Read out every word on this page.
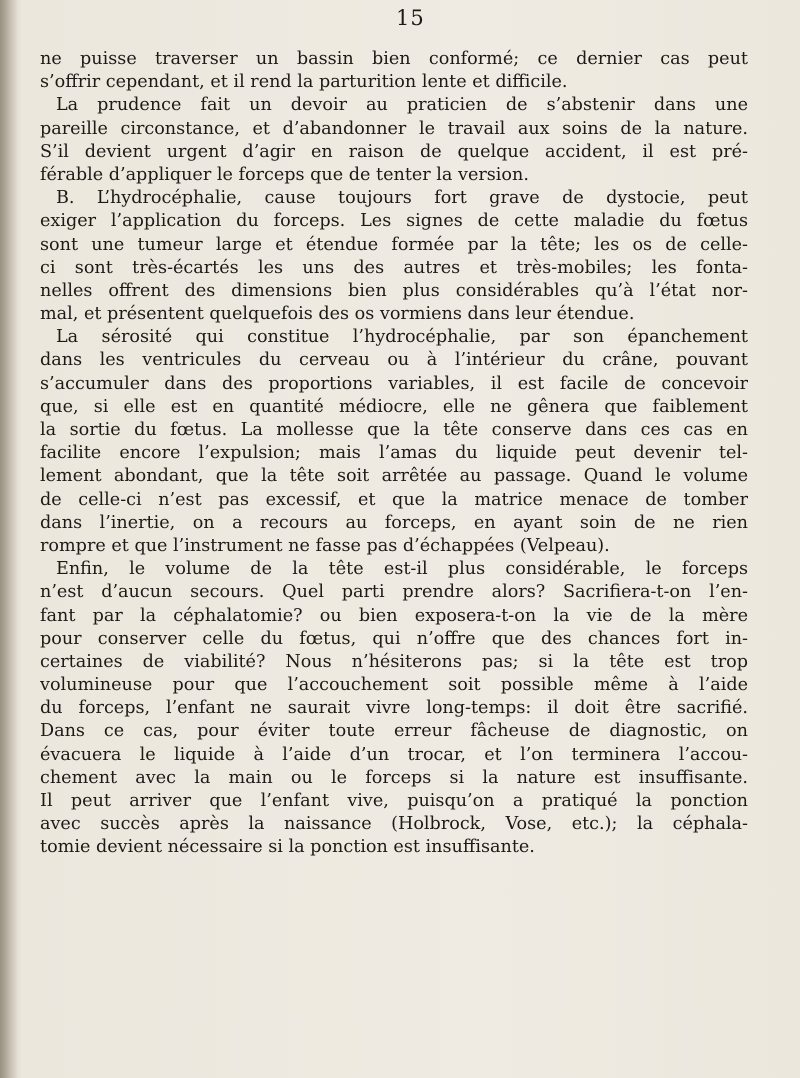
15
ne puisse traverser un bassin bien conformé; ce dernier cas peut
s’offrir cependant, et il rend la parturition lente et difficile.
La prudence fait un devoir au praticien de s’abstenir dans une
pareille circonstance, et d’abandonner le travail aux soins de la nature.
S’il devient urgent d’agir en raison de quelque accident, il est pré-
férable d’appliquer le forceps que de tenter la version.
B. L’hydrocéphalie, cause toujours fort grave de dystocie, peut
exiger l’application du forceps. Les signes de cette maladie du fœtus
sont une tumeur large et étendue formée par la tête; les os de celle-
ci sont très-écartés les uns des autres et très-mobiles; les fonta-
nelles offrent des dimensions bien plus considérables qu’à l’état nor-
mal, et présentent quelquefois des os vormiens dans leur étendue.
La sérosité qui constitue l’hydrocéphalie, par son épanchement
dans les ventricules du cerveau ou à l’intérieur du crâne, pouvant
s’accumuler dans des proportions variables, il est facile de concevoir
que, si elle est en quantité médiocre, elle ne gênera que faiblement
la sortie du fœtus. La mollesse que la tête conserve dans ces cas en
facilite encore l’expulsion; mais l’amas du liquide peut devenir tel-
lement abondant, que la tête soit arrêtée au passage. Quand le volume
de celle-ci n’est pas excessif, et que la matrice menace de tomber
dans l’inertie, on a recours au forceps, en ayant soin de ne rien
rompre et que l’instrument ne fasse pas d’échappées (Velpeau).
Enfin, le volume de la tête est-il plus considérable, le forceps
n’est d’aucun secours. Quel parti prendre alors? Sacrifiera-t-on l’en-
fant par la céphalatomie? ou bien exposera-t-on la vie de la mère
pour conserver celle du fœtus, qui n’offre que des chances fort in-
certaines de viabilité? Nous n’hésiterons pas; si la tête est trop
volumineuse pour que l’accouchement soit possible même à l’aide
du forceps, l’enfant ne saurait vivre long-temps: il doit être sacrifié.
Dans ce cas, pour éviter toute erreur fâcheuse de diagnostic, on
évacuera le liquide à l’aide d’un trocar, et l’on terminera l’accou-
chement avec la main ou le forceps si la nature est insuffisante.
Il peut arriver que l’enfant vive, puisqu’on a pratiqué la ponction
avec succès après la naissance (Holbrock, Vose, etc.); la céphala-
tomie devient nécessaire si la ponction est insuffisante.
